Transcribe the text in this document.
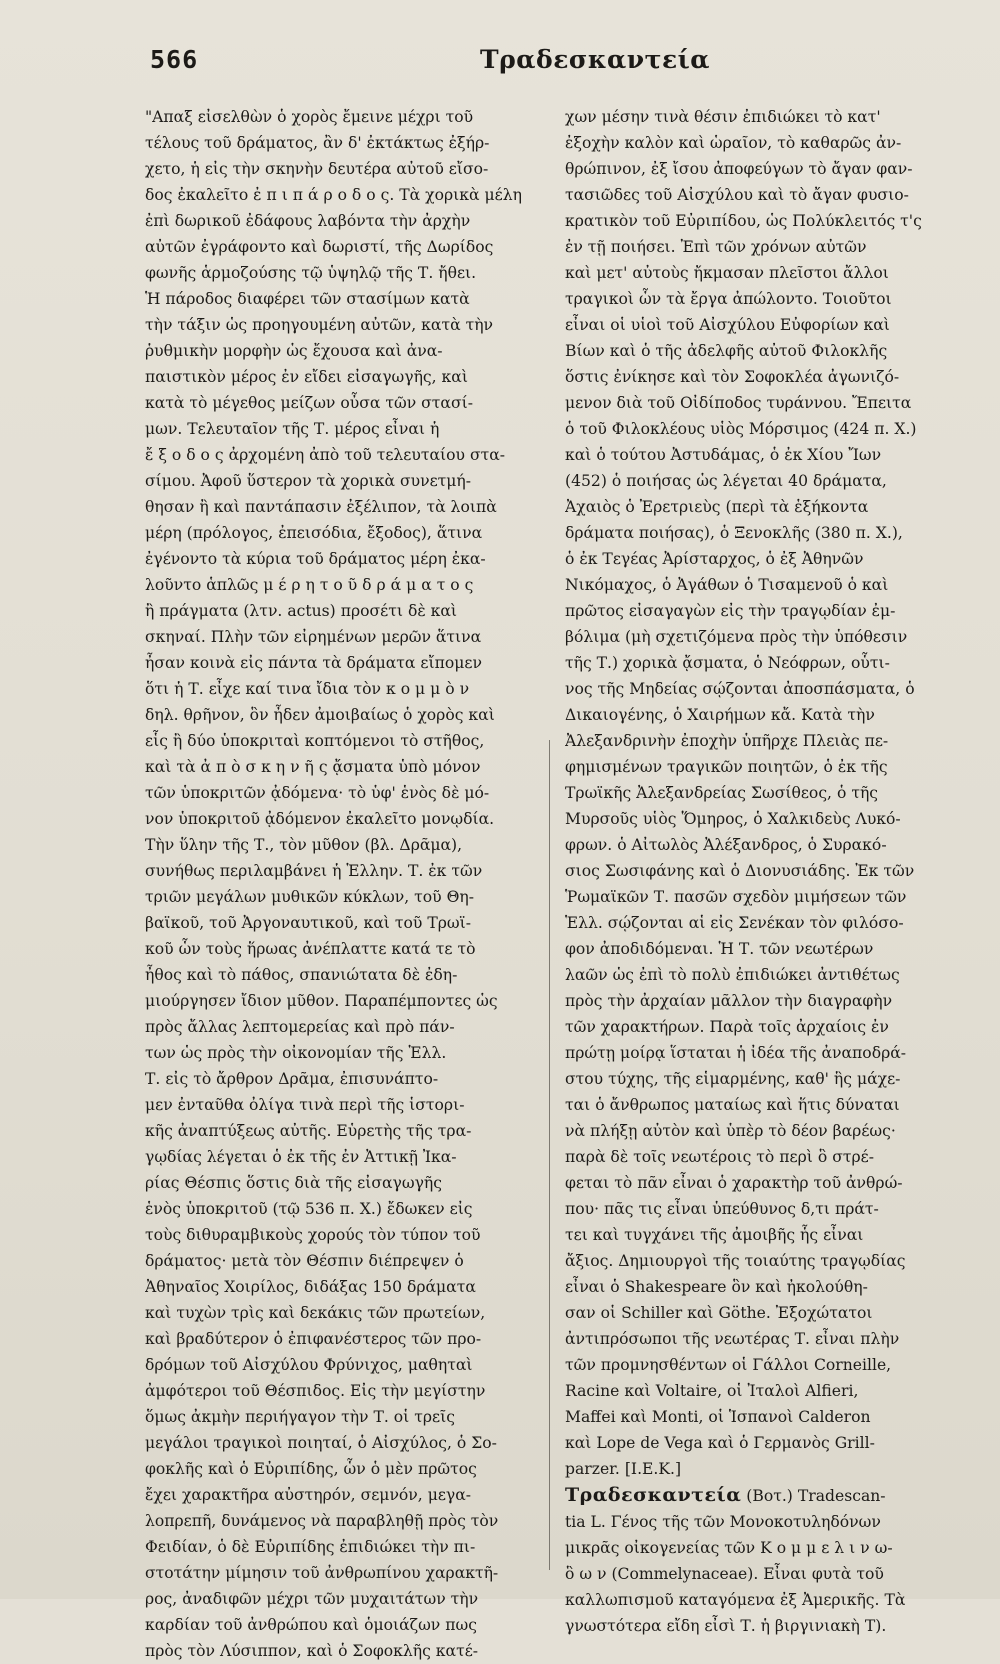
566	Τραδεσκαντεία
"Απαξ εἰσελθὼν ὁ χορὸς ἔμεινε μέχρι τοῦ
τέλους τοῦ δράματος, ἂν δ' ἐκτάκτως ἐξήρ-
χετο, ἡ εἰς τὴν σκηνὴν δευτέρα αὐτοῦ εἴσο-
δος ἐκαλεῖτο ἐ π ι π ά ρ ο δ ο ς. Τὰ χορικὰ μέλη
ἐπὶ δωρικοῦ ἐδάφους λαβόντα τὴν ἀρχὴν
αὐτῶν ἐγράφοντο καὶ δωριστί, τῆς Δωρίδος
φωνῆς ἁρμοζούσης τῷ ὑψηλῷ τῆς Τ. ἤθει.
Ἡ πάροδος διαφέρει τῶν στασίμων κατὰ
τὴν τάξιν ὡς προηγουμένη αὐτῶν, κατὰ τὴν
ῥυθμικὴν μορφὴν ὡς ἔχουσα καὶ ἀνα-
παιστικὸν μέρος ἐν εἴδει εἰσαγωγῆς, καὶ
κατὰ τὸ μέγεθος μείζων οὖσα τῶν στασί-
μων. Τελευταῖον τῆς Τ. μέρος εἶναι ἡ
ἔ ξ ο δ ο ς ἀρχομένη ἀπὸ τοῦ τελευταίου στα-
σίμου. Ἀφοῦ ὕστερον τὰ χορικὰ συνετμή-
θησαν ἢ καὶ παντάπασιν ἐξέλιπον, τὰ λοιπὰ
μέρη (πρόλογος, ἐπεισόδια, ἔξοδος), ἅτινα
ἐγένοντο τὰ κύρια τοῦ δράματος μέρη ἐκα-
λοῦντο ἁπλῶς μ έ ρ η τ ο ῦ δ ρ ά μ α τ ο ς
ἢ πράγματα (λτν. actus) προσέτι δὲ καὶ
σκηναί. Πλὴν τῶν εἰρημένων μερῶν ἅτινα
ἦσαν κοινὰ εἰς πάντα τὰ δράματα εἴπομεν
ὅτι ἡ Τ. εἶχε καί τινα ἴδια τὸν κ ο μ μ ὸ ν
δηλ. θρῆνον, ὃν ἦδεν ἀμοιβαίως ὁ χορὸς καὶ
εἷς ἢ δύο ὑποκριταὶ κοπτόμενοι τὸ στῆθος,
καὶ τὰ ἀ π ὸ σ κ η ν ῆ ς ᾄσματα ὑπὸ μόνον
τῶν ὑποκριτῶν ᾀδόμενα· τὸ ὑφ' ἑνὸς δὲ μό-
νον ὑποκριτοῦ ᾀδόμενον ἐκαλεῖτο μονῳδία.
Τὴν ὕλην τῆς Τ., τὸν μῦθον (βλ. Δρᾶμα),
συνήθως περιλαμβάνει ἡ Ἑλλην. Τ. ἐκ τῶν
τριῶν μεγάλων μυθικῶν κύκλων, τοῦ Θη-
βαϊκοῦ, τοῦ Ἀργοναυτικοῦ, καὶ τοῦ Τρωϊ-
κοῦ ὧν τοὺς ἥρωας ἀνέπλαττε κατά τε τὸ
ἦθος καὶ τὸ πάθος, σπανιώτατα δὲ ἐδη-
μιούργησεν ἴδιον μῦθον. Παραπέμποντες ὡς
πρὸς ἄλλας λεπτομερείας καὶ πρὸ πάν-
των ὡς πρὸς τὴν οἰκονομίαν τῆς Ἑλλ.
Τ. εἰς τὸ ἄρθρον Δρᾶμα, ἐπισυνάπτο-
μεν ἐνταῦθα ὀλίγα τινὰ περὶ τῆς ἱστορι-
κῆς ἀναπτύξεως αὐτῆς. Εὑρετὴς τῆς τρα-
γῳδίας λέγεται ὁ ἐκ τῆς ἐν Ἀττικῇ Ἰκα-
ρίας Θέσπις ὅστις διὰ τῆς εἰσαγωγῆς
ἑνὸς ὑποκριτοῦ (τῷ 536 π. Χ.) ἔδωκεν εἰς
τοὺς διθυραμβικοὺς χορούς τὸν τύπον τοῦ
δράματος· μετὰ τὸν Θέσπιν διέπρεψεν ὁ
Ἀθηναῖος Χοιρίλος, διδάξας 150 δράματα
καὶ τυχὼν τρὶς καὶ δεκάκις τῶν πρωτείων,
καὶ βραδύτερον ὁ ἐπιφανέστερος τῶν προ-
δρόμων τοῦ Αἰσχύλου Φρύνιχος, μαθηταὶ
ἀμφότεροι τοῦ Θέσπιδος. Εἰς τὴν μεγίστην
ὅμως ἀκμὴν περιήγαγον τὴν Τ. οἱ τρεῖς
μεγάλοι τραγικοὶ ποιηταί, ὁ Αἰσχύλος, ὁ Σο-
φοκλῆς καὶ ὁ Εὐριπίδης, ὧν ὁ μὲν πρῶτος
ἔχει χαρακτῆρα αὐστηρόν, σεμνόν, μεγα-
λοπρεπῆ, δυνάμενος νὰ παραβληθῇ πρὸς τὸν
Φειδίαν, ὁ δὲ Εὐριπίδης ἐπιδιώκει τὴν πι-
στοτάτην μίμησιν τοῦ ἀνθρωπίνου χαρακτῆ-
ρος, ἀναδιφῶν μέχρι τῶν μυχαιτάτων τὴν
καρδίαν τοῦ ἀνθρώπου καὶ ὁμοιάζων πως
πρὸς τὸν Λύσιππον, καὶ ὁ Σοφοκλῆς κατέ-
χων μέσην τινὰ θέσιν ἐπιδιώκει τὸ κατ'
ἐξοχὴν καλὸν καὶ ὡραῖον, τὸ καθαρῶς ἀν-
θρώπινον, ἐξ ἴσου ἀποφεύγων τὸ ἄγαν φαν-
τασιῶδες τοῦ Αἰσχύλου καὶ τὸ ἄγαν φυσιο-
κρατικὸν τοῦ Εὐριπίδου, ὡς Πολύκλειτός τ'ς
ἐν τῇ ποιήσει. Ἐπὶ τῶν χρόνων αὐτῶν
καὶ μετ' αὐτοὺς ἤκμασαν πλεῖστοι ἄλλοι
τραγικοὶ ὧν τὰ ἔργα ἀπώλοντο. Τοιοῦτοι
εἶναι οἱ υἱοὶ τοῦ Αἰσχύλου Εὐφορίων καὶ
Βίων καὶ ὁ τῆς ἀδελφῆς αὐτοῦ Φιλοκλῆς
ὅστις ἐνίκησε καὶ τὸν Σοφοκλέα ἀγωνιζό-
μενον διὰ τοῦ Οἰδίποδος τυράννου. Ἔπειτα
ὁ τοῦ Φιλοκλέους υἱὸς Μόρσιμος (424 π. Χ.)
καὶ ὁ τούτου Ἀστυδάμας, ὁ ἐκ Χίου Ἴων
(452) ὁ ποιήσας ὡς λέγεται 40 δράματα,
Ἀχαιὸς ὁ Ἐρετριεὺς (περὶ τὰ ἑξήκοντα
δράματα ποιήσας), ὁ Ξενοκλῆς (380 π. Χ.),
ὁ ἐκ Τεγέας Ἀρίσταρχος, ὁ ἐξ Ἀθηνῶν
Νικόμαχος, ὁ Ἀγάθων ὁ Τισαμενοῦ ὁ καὶ
πρῶτος εἰσαγαγὼν εἰς τὴν τραγῳδίαν ἐμ-
βόλιμα (μὴ σχετιζόμενα πρὸς τὴν ὑπόθεσιν
τῆς Τ.) χορικὰ ᾄσματα, ὁ Νεόφρων, οὗτι-
νος τῆς Μηδείας σῴζονται ἀποσπάσματα, ὁ
Δικαιογένης, ὁ Χαιρήμων κἄ. Κατὰ τὴν
Ἀλεξανδρινὴν ἐποχὴν ὑπῆρχε Πλειὰς πε-
φημισμένων τραγικῶν ποιητῶν, ὁ ἐκ τῆς
Τρωϊκῆς Ἀλεξανδρείας Σωσίθεος, ὁ τῆς
Μυρσοῦς υἱὸς Ὅμηρος, ὁ Χαλκιδεὺς Λυκό-
φρων. ὁ Αἰτωλὸς Ἀλέξανδρος, ὁ Συρακό-
σιος Σωσιφάνης καὶ ὁ Διονυσιάδης. Ἐκ τῶν
Ῥωμαϊκῶν Τ. πασῶν σχεδὸν μιμήσεων τῶν
Ἑλλ. σῴζονται αἱ εἰς Σενέκαν τὸν φιλόσο-
φον ἀποδιδόμεναι. Ἡ Τ. τῶν νεωτέρων
λαῶν ὡς ἐπὶ τὸ πολὺ ἐπιδιώκει ἀντιθέτως
πρὸς τὴν ἀρχαίαν μᾶλλον τὴν διαγραφὴν
τῶν χαρακτήρων. Παρὰ τοῖς ἀρχαίοις ἐν
πρώτῃ μοίρᾳ ἵσταται ἡ ἰδέα τῆς ἀναποδρά-
στου τύχης, τῆς εἱμαρμένης, καθ' ἣς μάχε-
ται ὁ ἄνθρωπος ματαίως καὶ ἥτις δύναται
νὰ πλήξῃ αὐτὸν καὶ ὑπὲρ τὸ δέον βαρέως·
παρὰ δὲ τοῖς νεωτέροις τὸ περὶ ὃ στρέ-
φεται τὸ πᾶν εἶναι ὁ χαρακτὴρ τοῦ ἀνθρώ-
που· πᾶς τις εἶναι ὑπεύθυνος δ,τι πράτ-
τει καὶ τυγχάνει τῆς ἀμοιβῆς ἧς εἶναι
ἄξιος. Δημιουργοὶ τῆς τοιαύτης τραγῳδίας
εἶναι ὁ Shakespeare ὃν καὶ ἠκολούθη-
σαν οἱ Schiller καὶ Göthe. Ἐξοχώτατοι
ἀντιπρόσωποι τῆς νεωτέρας Τ. εἶναι πλὴν
τῶν προμνησθέντων οἱ Γάλλοι Corneille,
Racine καὶ Voltaire, οἱ Ἰταλοὶ Alfieri,
Maffei καὶ Monti, οἱ Ἱσπανοὶ Calderon
καὶ Lope de Vega καὶ ὁ Γερμανὸς Grill-
parzer. [Ι.Ε.Κ.]
Τραδεσκαντεία (Βοτ.) Tradescan-
tia L. Γένος τῆς τῶν Μονοκοτυληδόνων
μικρᾶς οἰκογενείας τῶν Κ ο μ μ ε λ ι ν ω-
ὃ ω ν (Commelynaceae). Εἶναι φυτὰ τοῦ
καλλωπισμοῦ καταγόμενα ἐξ Ἀμερικῆς. Τὰ
γνωστότερα εἴδη εἶσὶ Τ. ἡ βιργινιακὴ Τ).
